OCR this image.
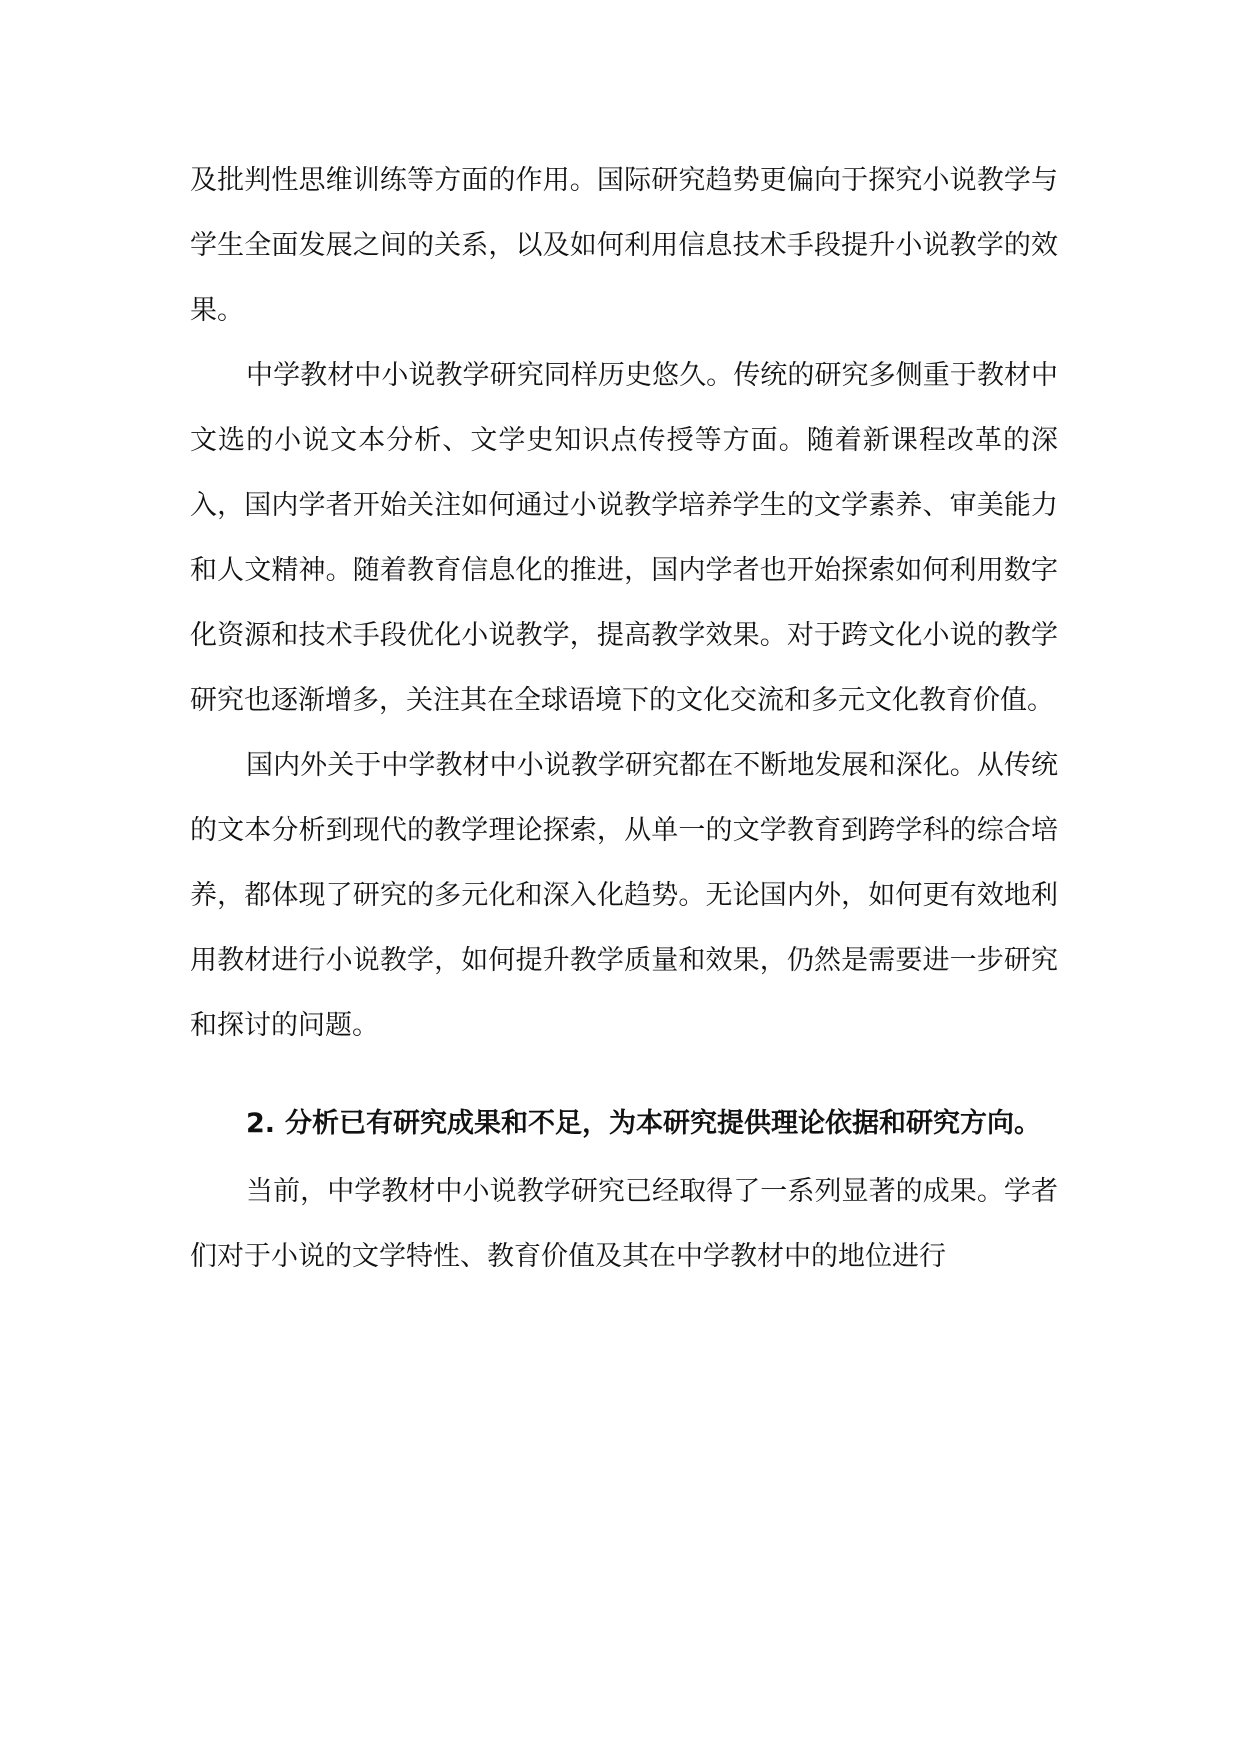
及批判性思维训练等方面的作用。国际研究趋势更偏向于探究小说教学与学生全面发展之间的关系，以及如何利用信息技术手段提升小说教学的效果。

中学教材中小说教学研究同样历史悠久。传统的研究多侧重于教材中文选的小说文本分析、文学史知识点传授等方面。随着新课程改革的深入，国内学者开始关注如何通过小说教学培养学生的文学素养、审美能力和人文精神。随着教育信息化的推进，国内学者也开始探索如何利用数字化资源和技术手段优化小说教学，提高教学效果。对于跨文化小说的教学研究也逐渐增多，关注其在全球语境下的文化交流和多元文化教育价值。

国内外关于中学教材中小说教学研究都在不断地发展和深化。从传统的文本分析到现代的教学理论探索，从单一的文学教育到跨学科的综合培养，都体现了研究的多元化和深入化趋势。无论国内外，如何更有效地利用教材进行小说教学，如何提升教学质量和效果，仍然是需要进一步研究和探讨的问题。

2. 分析已有研究成果和不足，为本研究提供理论依据和研究方向。

当前，中学教材中小说教学研究已经取得了一系列显著的成果。学者们对于小说的文学特性、教育价值及其在中学教材中的地位进行
